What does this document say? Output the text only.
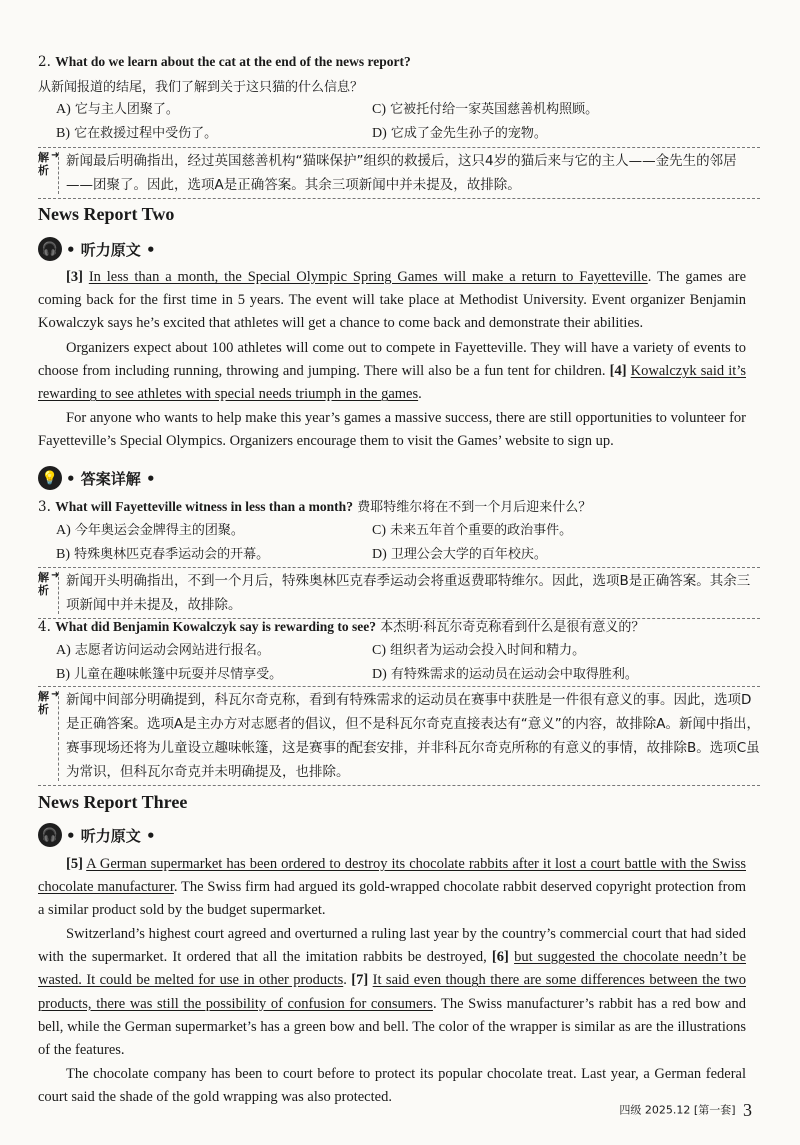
2. What do we learn about the cat at the end of the news report?
从新闻报道的结尾，我们了解到关于这只猫的什么信息？
A) 它与主人团聚了。	C) 它被托付给一家英国慈善机构照顾。
B) 它在救援过程中受伤了。	D) 它成了金先生孙子的宠物。
解析
➜ 新闻最后明确指出，经过英国慈善机构“猫咪保护”组织的救援后，这只4岁的猫后来与它的主人——金先生的邻居——团聚了。因此，选项A是正确答案。其余三项新闻中并未提及，故排除。
News Report Two
🎧 • 听力原文 •

[3] In less than a month, the Special Olympic Spring Games will make a return to Fayetteville. The games are coming back for the first time in 5 years. The event will take place at Methodist University. Event organizer Benjamin Kowalczyk says he’s excited that athletes will get a chance to come back and demonstrate their abilities.

Organizers expect about 100 athletes will come out to compete in Fayetteville. They will have a variety of events to choose from including running, throwing and jumping. There will also be a fun tent for children. [4] Kowalczyk said it’s rewarding to see athletes with special needs triumph in the games.

For anyone who wants to help make this year’s games a massive success, there are still opportunities to volunteer for Fayetteville’s Special Olympics. Organizers encourage them to visit the Games’ website to sign up.

💡 • 答案详解 •
3. What will Fayetteville witness in less than a month? 费耶特维尔将在不到一个月后迎来什么？
A) 今年奥运会金牌得主的团聚。	C) 未来五年首个重要的政治事件。
B) 特殊奥林匹克春季运动会的开幕。	D) 卫理公会大学的百年校庆。
解析
➜ 新闻开头明确指出，不到一个月后，特殊奥林匹克春季运动会将重返费耶特维尔。因此，选项B是正确答案。其余三项新闻中并未提及，故排除。
4. What did Benjamin Kowalczyk say is rewarding to see? 本杰明·科瓦尔奇克称看到什么是很有意义的？
A) 志愿者访问运动会网站进行报名。	C) 组织者为运动会投入时间和精力。
B) 儿童在趣味帐篷中玩耍并尽情享受。	D) 有特殊需求的运动员在运动会中取得胜利。
解析
➜ 新闻中间部分明确提到，科瓦尔奇克称，看到有特殊需求的运动员在赛事中获胜是一件很有意义的事。因此，选项D是正确答案。选项A是主办方对志愿者的倡议，但不是科瓦尔奇克直接表达有“意义”的内容，故排除A。新闻中指出，赛事现场还将为儿童设立趣味帐篷，这是赛事的配套安排，并非科瓦尔奇克所称的有意义的事情，故排除B。选项C虽为常识，但科瓦尔奇克并未明确提及，也排除。
News Report Three
🎧 • 听力原文 •

[5] A German supermarket has been ordered to destroy its chocolate rabbits after it lost a court battle with the Swiss chocolate manufacturer. The Swiss firm had argued its gold-wrapped chocolate rabbit deserved copyright protection from a similar product sold by the budget supermarket.

Switzerland’s highest court agreed and overturned a ruling last year by the country’s commercial court that had sided with the supermarket. It ordered that all the imitation rabbits be destroyed, [6] but suggested the chocolate needn’t be wasted. It could be melted for use in other products. [7] It said even though there are some differences between the two products, there was still the possibility of confusion for consumers. The Swiss manufacturer’s rabbit has a red bow and bell, while the German supermarket’s has a green bow and bell. The color of the wrapper is similar as are the illustrations of the features.

The chocolate company has been to court before to protect its popular chocolate treat. Last year, a German federal court said the shade of the gold wrapping was also protected.

四级 2025.12 [第一套] 3
